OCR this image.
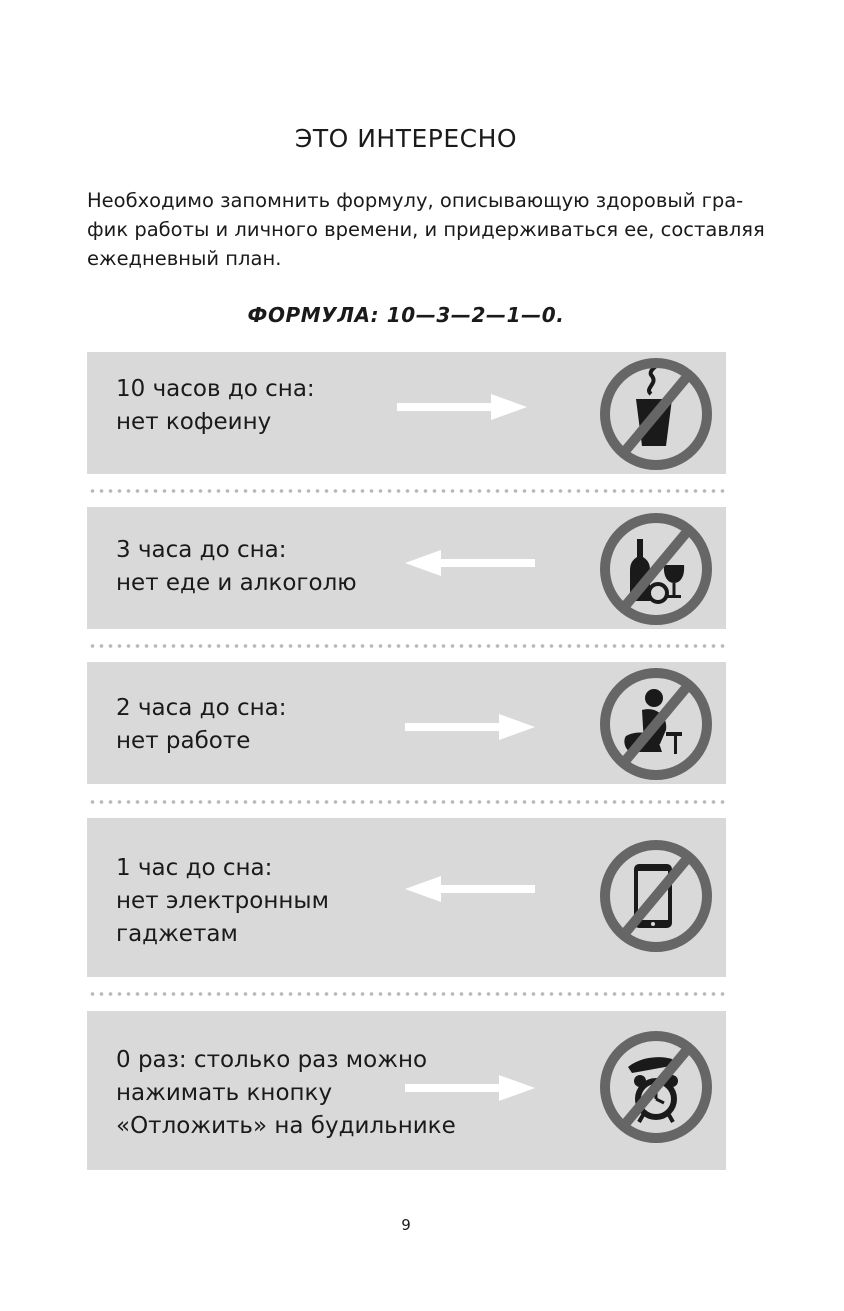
ЭТО ИНТЕРЕСНО
Необходимо запомнить формулу, описывающую здоровый гра-
фик работы и личного времени, и придерживаться ее, составляя
ежедневный план.
ФОРМУЛА: 10—3—2—1—0.
10 часов до сна:
нет кофеину
3 часа до сна:
нет еде и алкоголю
2 часа до сна:
нет работе
1 час до сна:
нет электронным
гаджетам
0 раз: столько раз можно
нажимать кнопку
«Отложить» на будильнике
9
